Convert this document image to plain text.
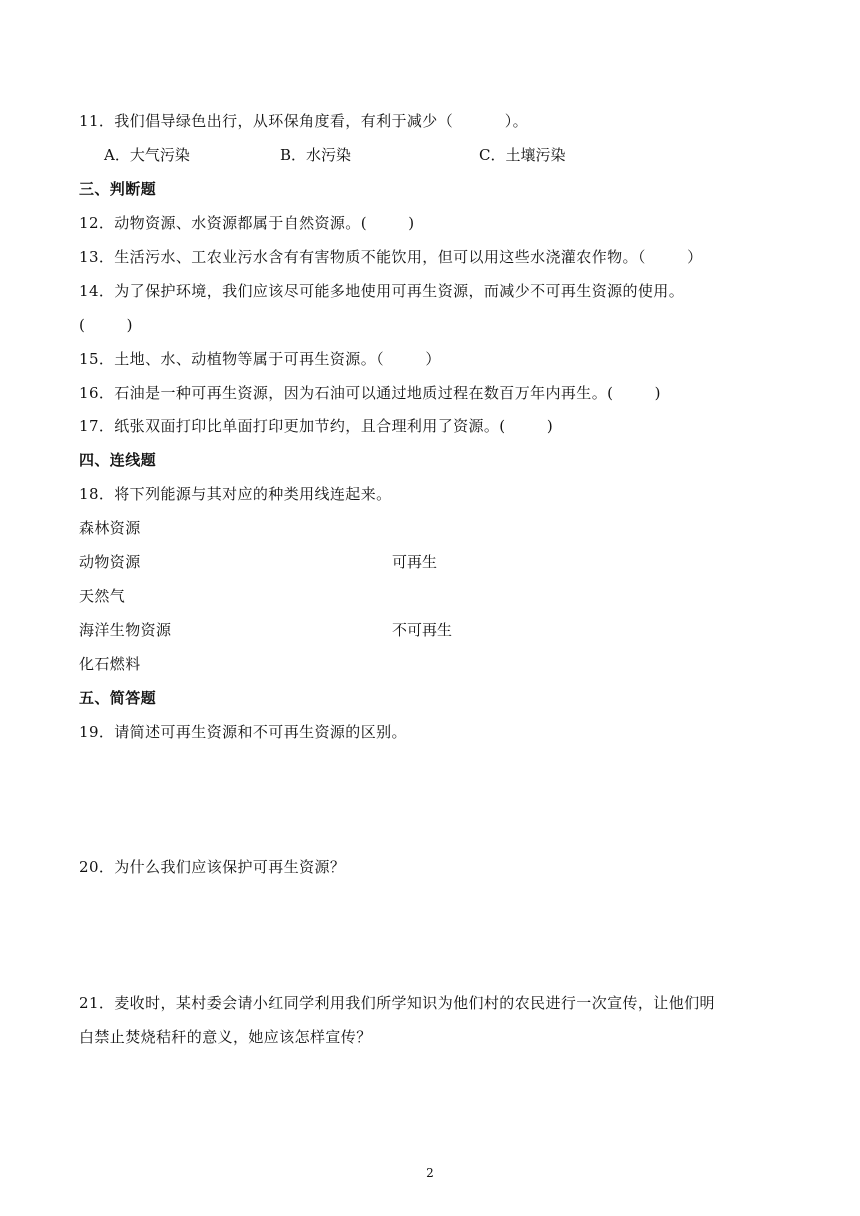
11．我们倡导绿色出行，从环保角度看，有利于减少（          ）。
A．大气污染	B．水污染	C．土壤污染
三、判断题
12．动物资源、水资源都属于自然资源。(        )
13．生活污水、工农业污水含有有害物质不能饮用，但可以用这些水浇灌农作物。（        ）
14．为了保护环境，我们应该尽可能多地使用可再生资源，而减少不可再生资源的使用。
(        )
15．土地、水、动植物等属于可再生资源。（        ）
16．石油是一种可再生资源，因为石油可以通过地质过程在数百万年内再生。(        )
17．纸张双面打印比单面打印更加节约，且合理利用了资源。(        )
四、连线题
18．将下列能源与其对应的种类用线连起来。
森林资源
动物资源
天然气
海洋生物资源
化石燃料
可再生
不可再生
五、简答题
19．请简述可再生资源和不可再生资源的区别。
20．为什么我们应该保护可再生资源？
21．麦收时，某村委会请小红同学利用我们所学知识为他们村的农民进行一次宣传，让他们明
白禁止焚烧秸秆的意义，她应该怎样宣传？
2
